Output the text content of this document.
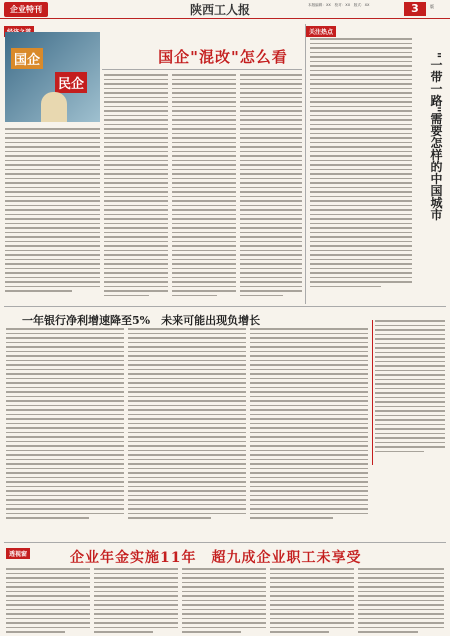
企业特刊	陕西工人报	本版编辑：XX　校对：XX　版式：XX	3	版
关注热点
国企
民企
国企"混改"怎么看	"一带一路"需要怎样的中国城市
一年银行净利增速降至5%　未来可能出现负增长
透视窗	企业年金实施11年　超九成企业职工未享受
